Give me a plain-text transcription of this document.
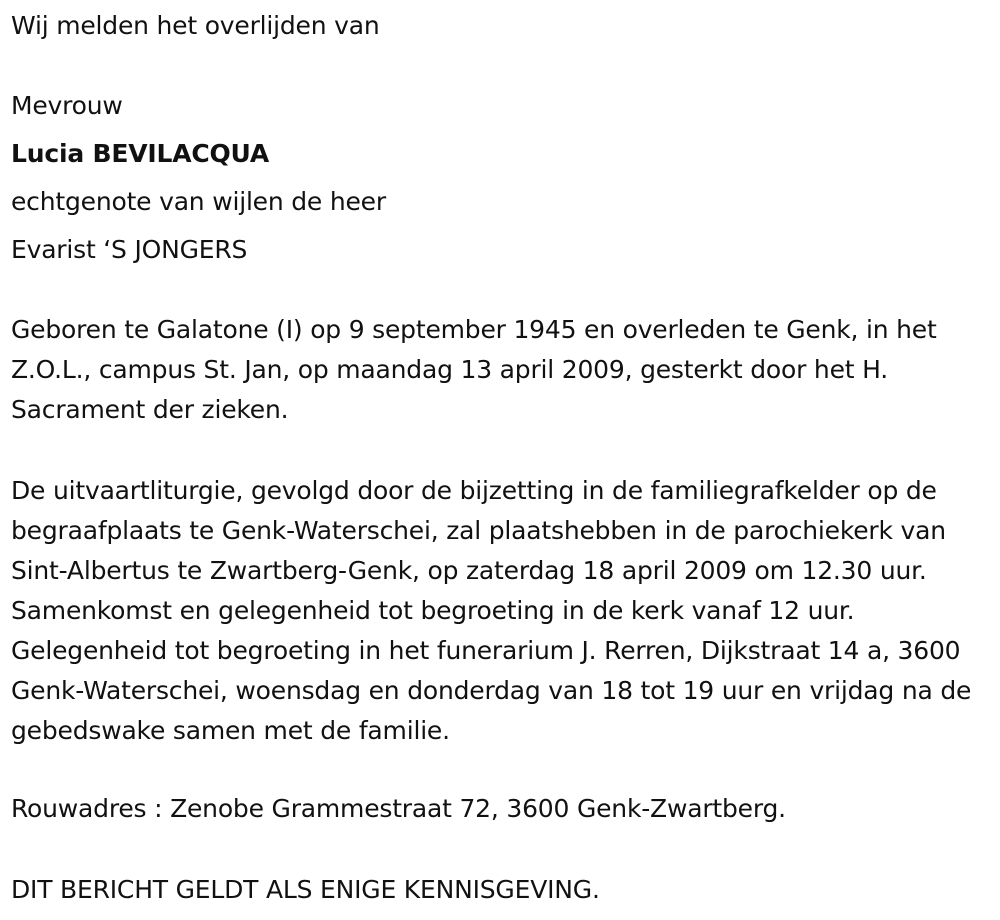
Wij melden het overlijden van

Mevrouw

Lucia BEVILACQUA

echtgenote van wijlen de heer

Evarist ‘S JONGERS

Geboren te Galatone (I) op 9 september 1945 en overleden te Genk, in het Z.O.L., campus St. Jan, op maandag 13 april 2009, gesterkt door het H. Sacrament der zieken.

De uitvaartliturgie, gevolgd door de bijzetting in de familiegrafkelder op de begraafplaats te Genk-Waterschei, zal plaatshebben in de parochiekerk van Sint-Albertus te Zwartberg-Genk, op zaterdag 18 april 2009 om 12.30 uur. Samenkomst en gelegenheid tot begroeting in de kerk vanaf 12 uur. Gelegenheid tot begroeting in het funerarium J. Rerren, Dijkstraat 14 a, 3600 Genk-Waterschei, woensdag en donderdag van 18 tot 19 uur en vrijdag na de gebedswake samen met de familie.

Rouwadres : Zenobe Grammestraat 72, 3600 Genk-Zwartberg.

DIT BERICHT GELDT ALS ENIGE KENNISGEVING.
